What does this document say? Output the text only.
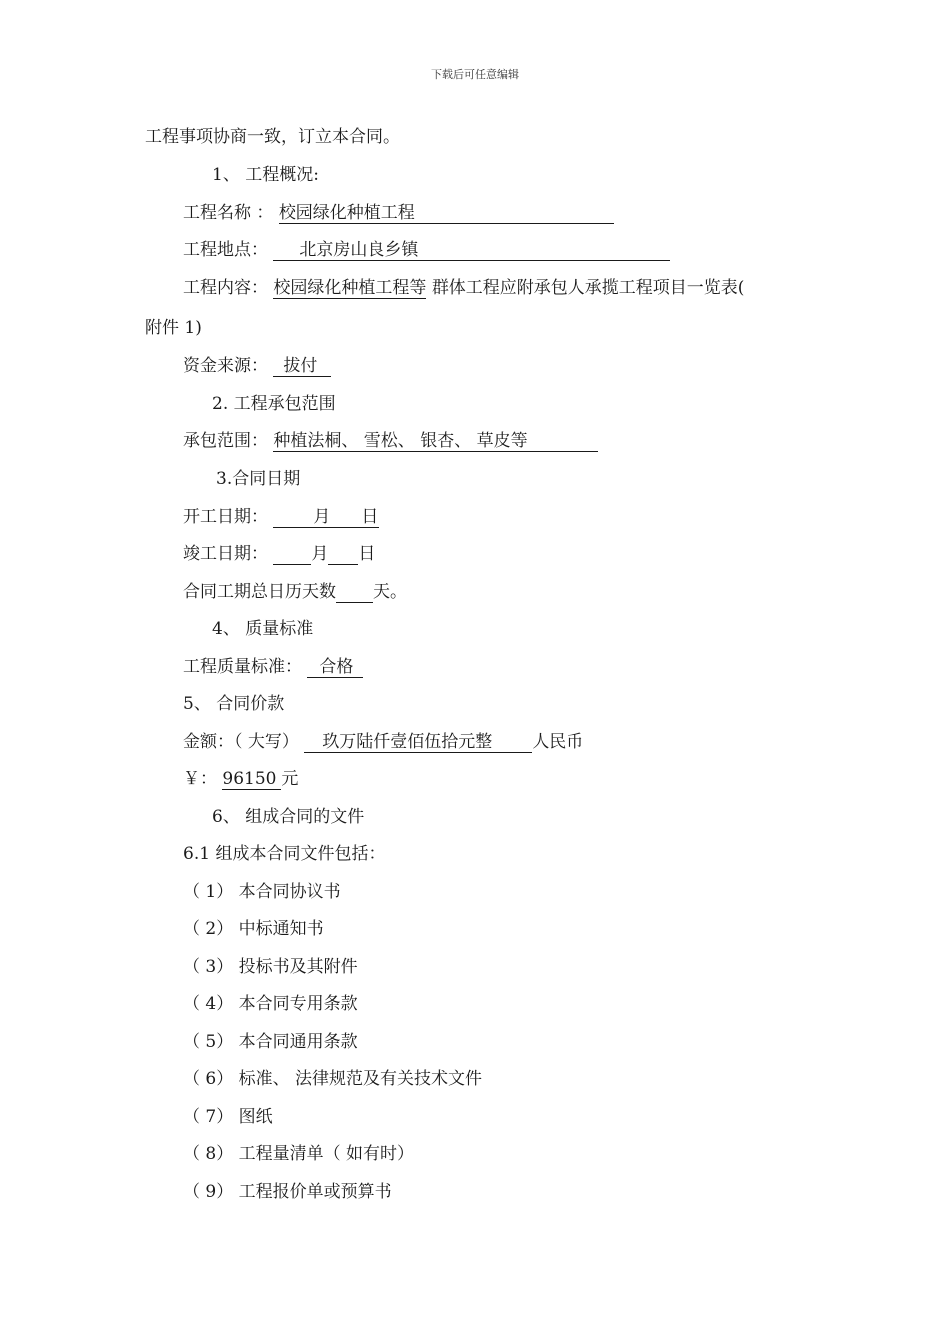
下载后可任意编辑
工程事项协商一致，订立本合同。
1、 工程概况:
工程名称 ： 校园绿化种植工程
工程地点： 北京房山良乡镇
工程内容： 校园绿化种植工程等 群体工程应附承包人承揽工程项目一览表(
附件 1)
资金来源： 拔付
2. 工程承包范围
承包范围： 种植法桐、 雪松、 银杏、 草皮等
3.合同日期
开工日期：	月 日

竣工日期：	月 日
合同工期总日历天数 天。
4、 质量标准
工程质量标准： 合格
5、 合同价款
金额：（ 大写） 玖万陆仟壹佰伍拾元整 人民币
￥： 96150 元
6、 组成合同的文件
6.1 组成本合同文件包括：
（ 1） 本合同协议书
（ 2） 中标通知书
（ 3） 投标书及其附件
（ 4） 本合同专用条款
（ 5） 本合同通用条款
（ 6） 标准、 法律规范及有关技术文件
（ 7） 图纸
（ 8） 工程量清单（ 如有时）
（ 9） 工程报价单或预算书
